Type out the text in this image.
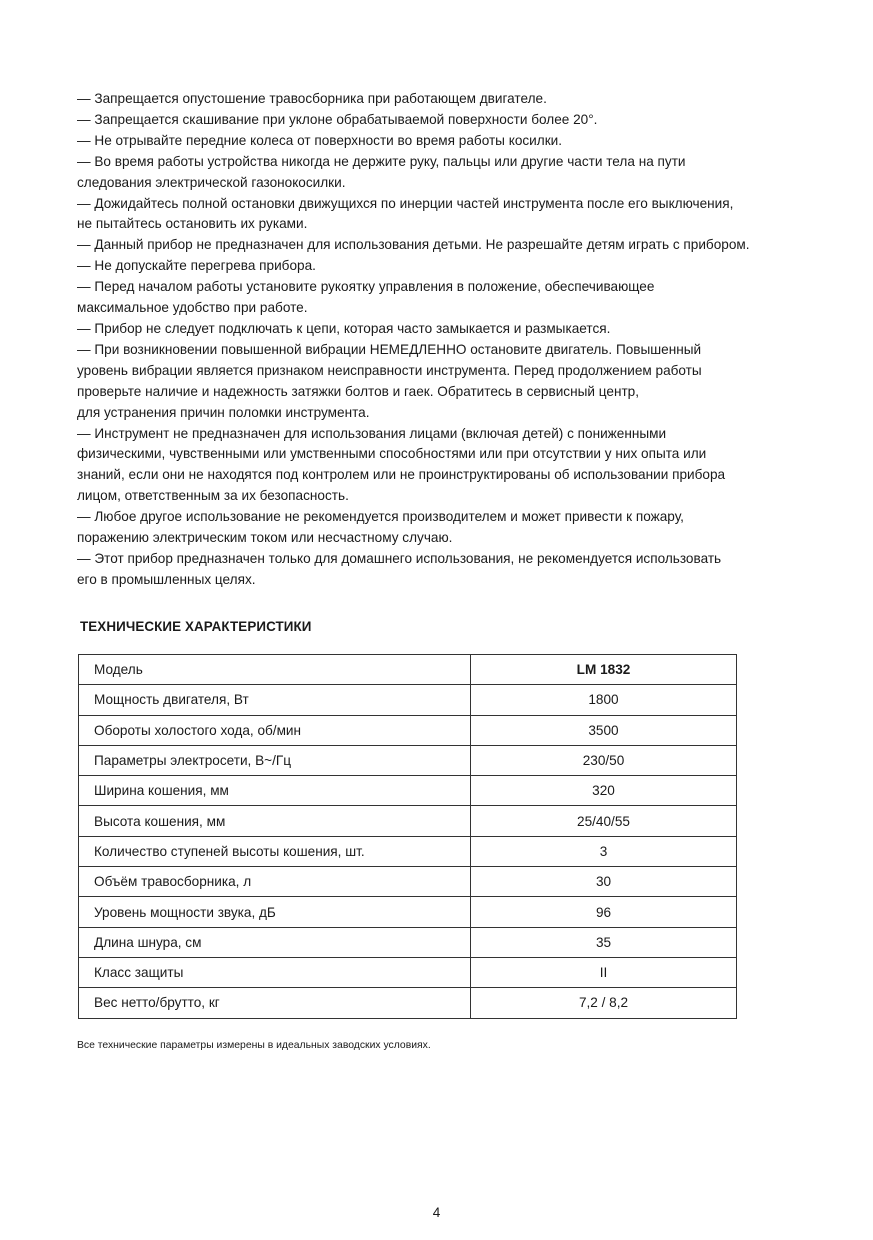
— Запрещается опустошение травосборника при работающем двигателе.

— Запрещается скашивание при уклоне обрабатываемой поверхности более 20°.

— Не отрывайте передние колеса от поверхности во время работы косилки.

— Во время работы устройства никогда не держите руку, пальцы или другие части тела на пути

следования электрической газонокосилки.

— Дожидайтесь полной остановки движущихся по инерции частей инструмента после его выключения,

не пытайтесь остановить их руками.

— Данный прибор не предназначен для использования детьми. Не разрешайте детям играть с прибором.

— Не допускайте перегрева прибора.

— Перед началом работы установите рукоятку управления в положение, обеспечивающее

максимальное удобство при работе.

— Прибор не следует подключать к цепи, которая часто замыкается и размыкается.

— При возникновении повышенной вибрации НЕМЕДЛЕННО остановите двигатель. Повышенный

уровень вибрации является признаком неисправности инструмента. Перед продолжением работы

проверьте наличие и надежность затяжки болтов и гаек. Обратитесь в сервисный центр,

для устранения причин поломки инструмента.

— Инструмент не предназначен для использования лицами (включая детей) с пониженными

физическими, чувственными или умственными способностями или при отсутствии у них опыта или

знаний, если они не находятся под контролем или не проинструктированы об использовании прибора

лицом, ответственным за их безопасность.

— Любое другое использование не рекомендуется производителем и может привести к пожару,

поражению электрическим током или несчастному случаю.

— Этот прибор предназначен только для домашнего использования, не рекомендуется использовать

его в промышленных целях.

ТЕХНИЧЕСКИЕ ХАРАКТЕРИСТИКИ
Модель	LM 1832
Мощность двигателя, Вт	1800
Обороты холостого хода, об/мин	3500
Параметры электросети, В~/Гц	230/50
Ширина кошения, мм	320
Высота кошения, мм	25/40/55
Количество ступеней высоты кошения, шт.	3
Объём травосборника, л	30
Уровень мощности звука, дБ	96
Длина шнура, см	35
Класс защиты	II
Вес нетто/брутто, кг	7,2 / 8,2

Все технические параметры измерены в идеальных заводских условиях.

4
